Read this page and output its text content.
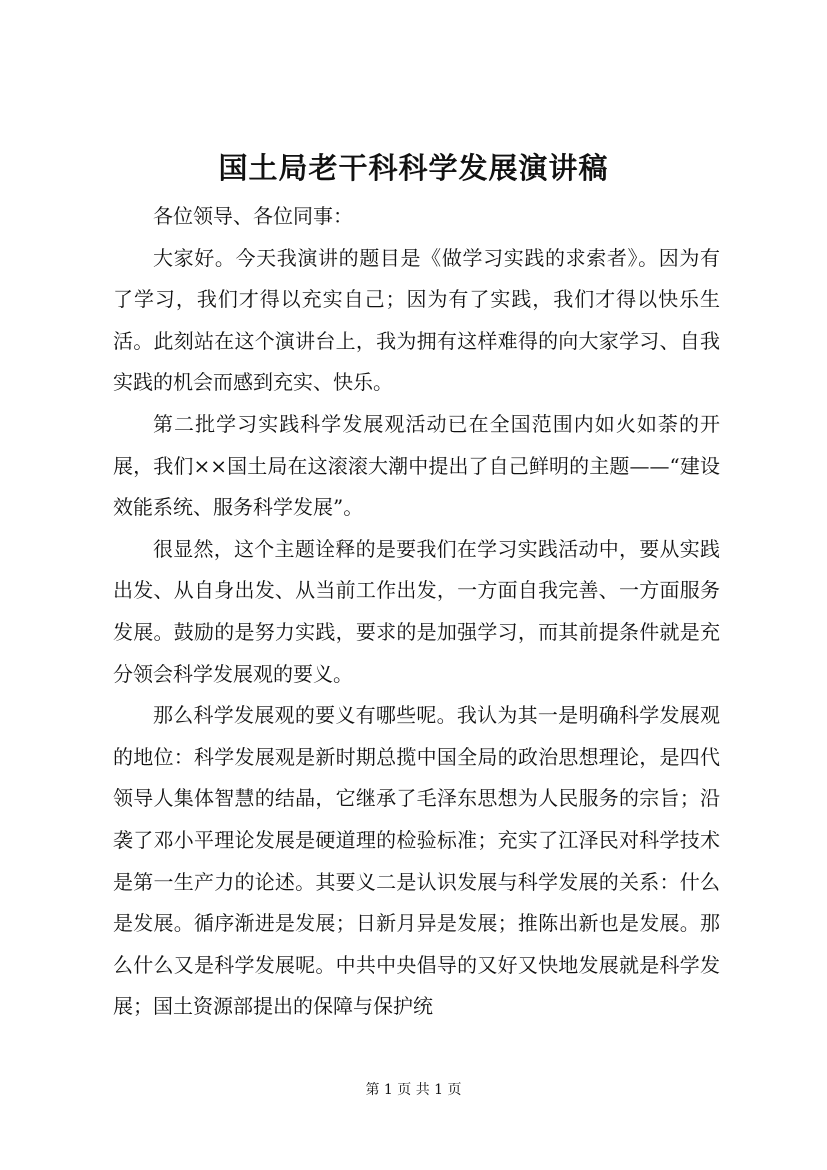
国土局老干科科学发展演讲稿

各位领导、各位同事：

大家好。今天我演讲的题目是《做学习实践的求索者》。因为有了学习，我们才得以充实自己；因为有了实践，我们才得以快乐生活。此刻站在这个演讲台上，我为拥有这样难得的向大家学习、自我实践的机会而感到充实、快乐。

第二批学习实践科学发展观活动已在全国范围内如火如荼的开展，我们××国土局在这滚滚大潮中提出了自己鲜明的主题——“建设效能系统、服务科学发展”。

很显然，这个主题诠释的是要我们在学习实践活动中，要从实践出发、从自身出发、从当前工作出发，一方面自我完善、一方面服务发展。鼓励的是努力实践，要求的是加强学习，而其前提条件就是充分领会科学发展观的要义。

那么科学发展观的要义有哪些呢。我认为其一是明确科学发展观的地位：科学发展观是新时期总揽中国全局的政治思想理论，是四代领导人集体智慧的结晶，它继承了毛泽东思想为人民服务的宗旨；沿袭了邓小平理论发展是硬道理的检验标准；充实了江泽民对科学技术是第一生产力的论述。其要义二是认识发展与科学发展的关系：什么是发展。循序渐进是发展；日新月异是发展；推陈出新也是发展。那么什么又是科学发展呢。中共中央倡导的又好又快地发展就是科学发展；国土资源部提出的保障与保护统

第 1 页 共 1 页
